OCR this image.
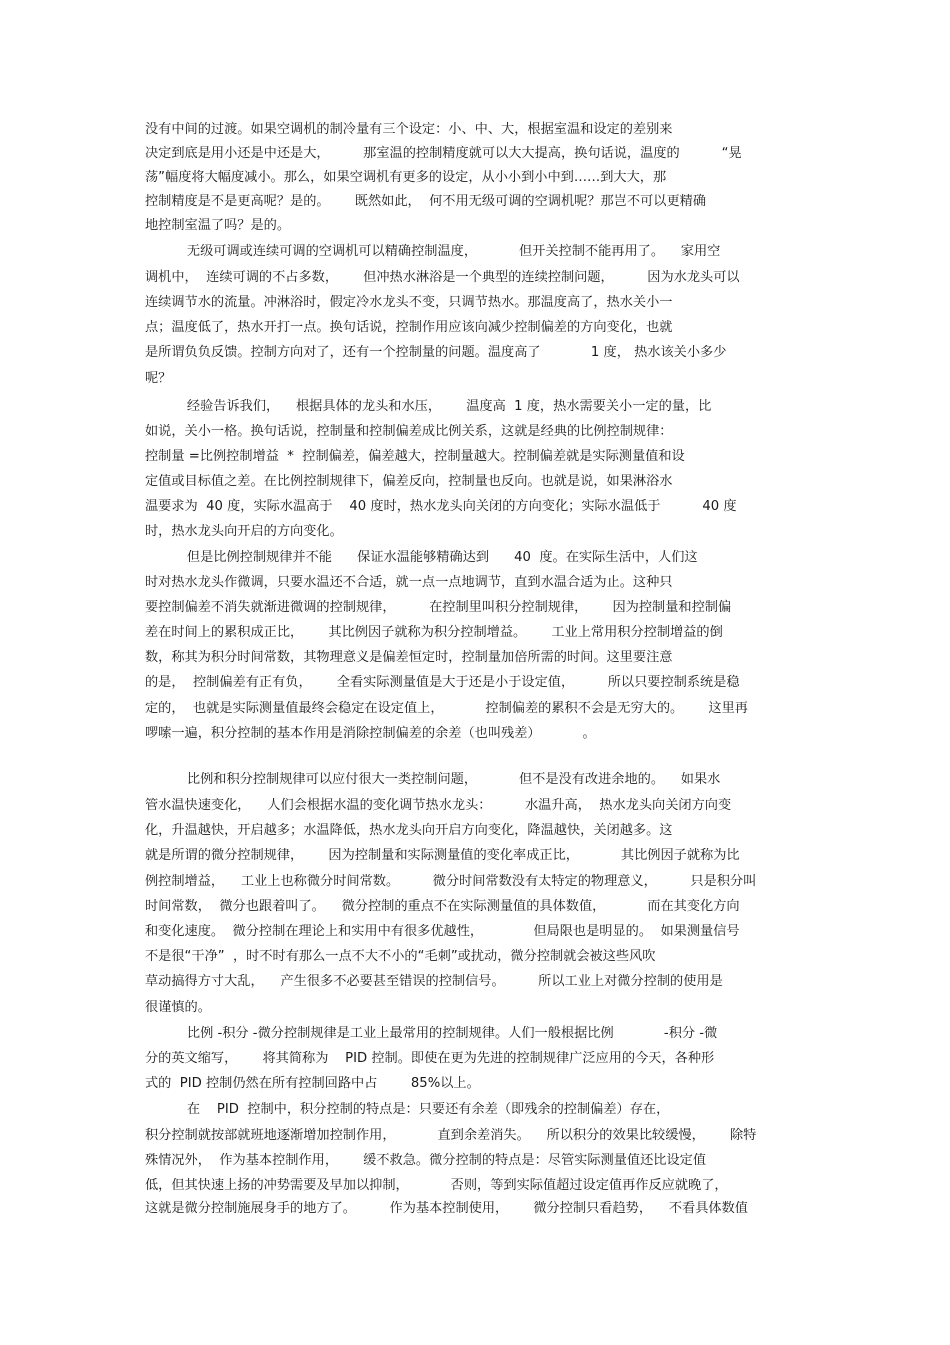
没有中间的过渡。如果空调机的制冷量有三个设定：小、中、大，根据室温和设定的差别来
决定到底是用小还是中还是大，        那室温的控制精度就可以大大提高，换句话说，温度的          “晃
荡”幅度将大幅度减小。那么，如果空调机有更多的设定，从小小到小中到……到大大，那
控制精度是不是更高呢？是的。      既然如此，  何不用无级可调的空调机呢？那岂不可以更精确
地控制室温了吗？是的。
无级可调或连续可调的空调机可以精确控制温度，          但开关控制不能再用了。    家用空
调机中，  连续可调的不占多数，      但冲热水淋浴是一个典型的连续控制问题，        因为水龙头可以
连续调节水的流量。冲淋浴时，假定冷水龙头不变，只调节热水。那温度高了，热水关小一
点；温度低了，热水开打一点。换句话说，控制作用应该向减少控制偏差的方向变化，也就
是所谓负负反馈。控制方向对了，还有一个控制量的问题。温度高了            1 度， 热水该关小多少
呢？
经验告诉我们，    根据具体的龙头和水压，      温度高  1 度，热水需要关小一定的量，比
如说，关小一格。换句话说，控制量和控制偏差成比例关系，这就是经典的比例控制规律：
控制量 =比例控制增益  *  控制偏差，偏差越大，控制量越大。控制偏差就是实际测量值和设
定值或目标值之差。在比例控制规律下，偏差反向，控制量也反向。也就是说，如果淋浴水
温要求为  40 度，实际水温高于    40 度时，热水龙头向关闭的方向变化；实际水温低于          40 度
时，热水龙头向开启的方向变化。
但是比例控制规律并不能      保证水温能够精确达到      40  度。在实际生活中，人们这
时对热水龙头作微调，只要水温还不合适，就一点一点地调节，直到水温合适为止。这种只
要控制偏差不消失就渐进微调的控制规律，        在控制里叫积分控制规律，      因为控制量和控制偏
差在时间上的累积成正比，      其比例因子就称为积分控制增益。      工业上常用积分控制增益的倒
数，称其为积分时间常数，其物理意义是偏差恒定时，控制量加倍所需的时间。这里要注意
的是，  控制偏差有正有负，      全看实际测量值是大于还是小于设定值，        所以只要控制系统是稳
定的，  也就是实际测量值最终会稳定在设定值上，          控制偏差的累积不会是无穷大的。      这里再
啰嗦一遍，积分控制的基本作用是消除控制偏差的余差（也叫残差）          。
比例和积分控制规律可以应付很大一类控制问题，          但不是没有改进余地的。    如果水
管水温快速变化，    人们会根据水温的变化调节热水龙头：        水温升高，  热水龙头向关闭方向变
化，升温越快，开启越多；水温降低，热水龙头向开启方向变化，降温越快，关闭越多。这
就是所谓的微分控制规律，      因为控制量和实际测量值的变化率成正比，          其比例因子就称为比
例控制增益，    工业上也称微分时间常数。        微分时间常数没有太特定的物理意义，        只是积分叫
时间常数，  微分也跟着叫了。    微分控制的重点不在实际测量值的具体数值，          而在其变化方向
和变化速度。  微分控制在理论上和实用中有很多优越性，            但局限也是明显的。  如果测量信号
不是很“干净”  ，时不时有那么一点不大不小的“毛刺”或扰动，微分控制就会被这些风吹
草动搞得方寸大乱，    产生很多不必要甚至错误的控制信号。        所以工业上对微分控制的使用是
很谨慎的。
比例 -积分 -微分控制规律是工业上最常用的控制规律。人们一般根据比例            -积分 -微
分的英文缩写，      将其简称为    PID 控制。即使在更为先进的控制规律广泛应用的今天，各种形
式的  PID 控制仍然在所有控制回路中占        85%以上。
在    PID  控制中，积分控制的特点是：只要还有余差（即残余的控制偏差）存在，
积分控制就按部就班地逐渐增加控制作用，          直到余差消失。    所以积分的效果比较缓慢，      除特
殊情况外，  作为基本控制作用，      缓不救急。微分控制的特点是：尽管实际测量值还比设定值
低，但其快速上扬的冲势需要及早加以抑制，          否则，等到实际值超过设定值再作反应就晚了，
这就是微分控制施展身手的地方了。        作为基本控制使用，      微分控制只看趋势，    不看具体数值
